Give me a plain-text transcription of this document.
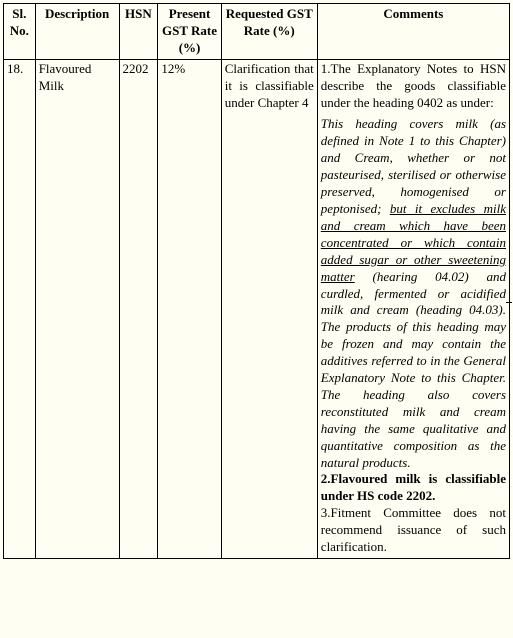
Sl. No.	Description	HSN	Present GST Rate (%)	Requested GST Rate (%)	Comments
18.	Flavoured Milk	2202	12%	Clarification that it is classifiable under Chapter 4	1.The Explanatory Notes to HSN describe the goods classifiable under the heading 0402 as under:
This heading covers milk (as defined in Note 1 to this Chapter) and Cream, whether or not pasteurised, sterilised or otherwise preserved, homogenised or peptonised; but it excludes milk and cream which have been concentrated or which contain added sugar or other sweetening matter (hearing 04.02) and curdled, fermented or acidified milk and cream (heading 04.03). The products of this heading may be frozen and may contain the additives referred to in the General Explanatory Note to this Chapter. The heading also covers reconstituted milk and cream having the same qualitative and quantitative composition as the natural products.
2.Flavoured milk is classifiable under HS code 2202.
3.Fitment Committee does not recommend issuance of such clarification.
